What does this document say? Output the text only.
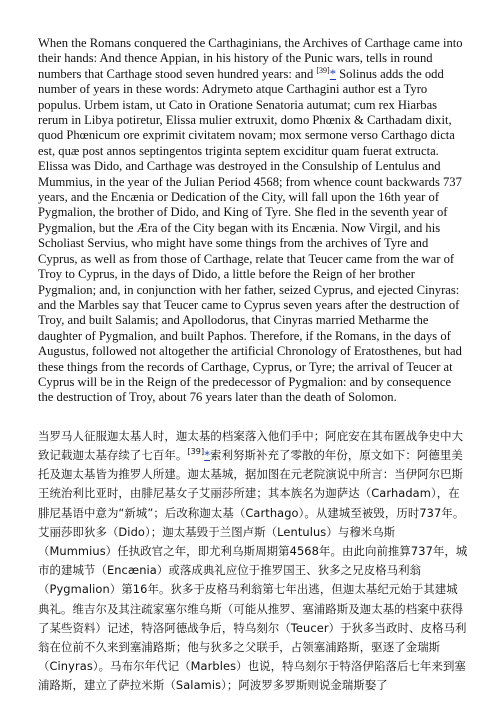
When the Romans conquered the Carthaginians, the Archives of Carthage came into their hands: And thence Appian, in his history of the Punic wars, tells in round numbers that Carthage stood seven hundred years: and [39]* Solinus adds the odd number of years in these words: Adrymeto atque Carthagini author est a Tyro populus. Urbem istam, ut Cato in Oratione Senatoria autumat; cum rex Hiarbas rerum in Libya potiretur, Elissa mulier extruxit, domo Phœnix & Carthadam dixit, quod Phœnicum ore exprimit civitatem novam; mox sermone verso Carthago dicta est, quæ post annos septingentos triginta septem exciditur quam fuerat extructa. Elissa was Dido, and Carthage was destroyed in the Consulship of Lentulus and Mummius, in the year of the Julian Period 4568; from whence count backwards 737 years, and the Encænia or Dedication of the City, will fall upon the 16th year of Pygmalion, the brother of Dido, and King of Tyre. She fled in the seventh year of Pygmalion, but the Æra of the City began with its Encænia. Now Virgil, and his Scholiast Servius, who might have some things from the archives of Tyre and Cyprus, as well as from those of Carthage, relate that Teucer came from the war of Troy to Cyprus, in the days of Dido, a little before the Reign of her brother Pygmalion; and, in conjunction with her father, seized Cyprus, and ejected Cinyras: and the Marbles say that Teucer came to Cyprus seven years after the destruction of Troy, and built Salamis; and Apollodorus, that Cinyras married Metharme the daughter of Pygmalion, and built Paphos. Therefore, if the Romans, in the days of Augustus, followed not altogether the artificial Chronology of Eratosthenes, but had these things from the records of Carthage, Cyprus, or Tyre; the arrival of Teucer at Cyprus will be in the Reign of the predecessor of Pygmalion: and by consequence the destruction of Troy, about 76 years later than the death of Solomon.

当罗马人征服迦太基人时，迦太基的档案落入他们手中；阿庇安在其布匿战争史中大致记载迦太基存续了七百年。[39]*索利努斯补充了零散的年份，原文如下：阿德里美托及迦太基皆为推罗人所建。迦太基城，据加图在元老院演说中所言：当伊阿尔巴斯王统治利比亚时，由腓尼基女子艾丽莎所建；其本族名为迦萨达（Carhadam），在腓尼基语中意为“新城”；后改称迦太基（Carthago）。从建城至被毁，历时737年。艾丽莎即狄多（Dido）；迦太基毁于兰图卢斯（Lentulus）与穆米乌斯（Mummius）任执政官之年，即尤利乌斯周期第4568年。由此向前推算737年，城市的建城节（Encænia）或落成典礼应位于推罗国王、狄多之兄皮格马利翁（Pygmalion）第16年。狄多于皮格马利翁第七年出逃，但迦太基纪元始于其建城典礼。维吉尔及其注疏家塞尔维乌斯（可能从推罗、塞浦路斯及迦太基的档案中获得了某些资料）记述，特洛阿德战争后，特乌刻尔（Teucer）于狄多当政时、皮格马利翁在位前不久来到塞浦路斯；他与狄多之父联手，占领塞浦路斯，驱逐了金瑞斯（Cinyras）。马布尔年代记（Marbles）也说，特乌刻尔于特洛伊陷落后七年来到塞浦路斯，建立了萨拉米斯（Salamis）；阿波罗多罗斯则说金瑞斯娶了
